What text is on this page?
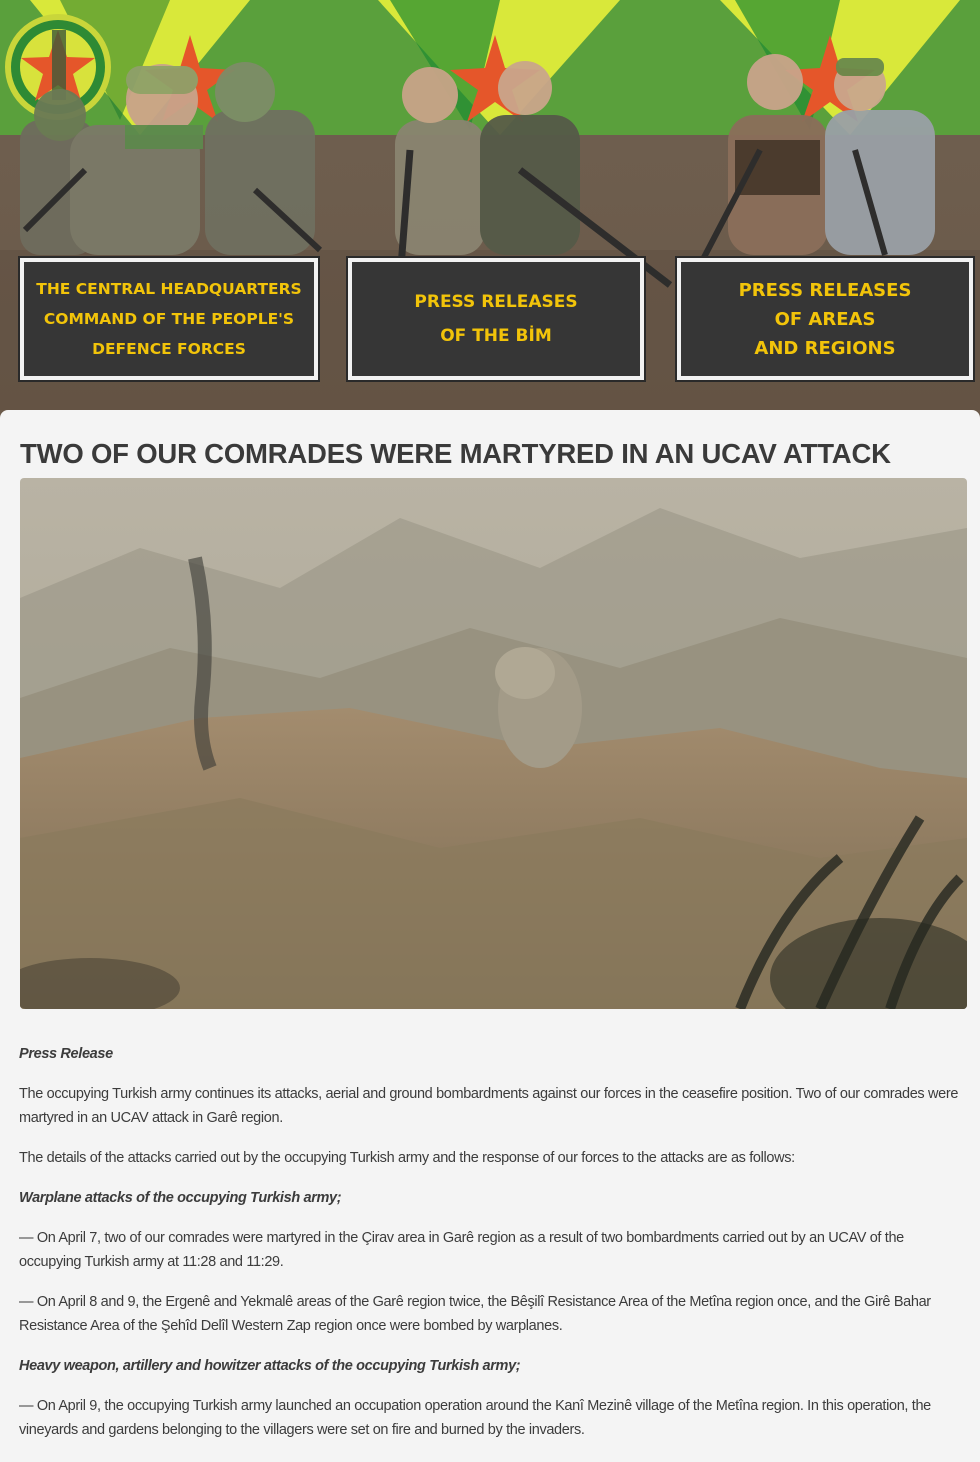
THE CENTRAL HEADQUARTERS
COMMAND OF THE PEOPLE'S
DEFENCE FORCES
PRESS RELEASES
OF THE BİM
PRESS RELEASES
OF AREAS
AND REGIONS
TWO OF OUR COMRADES WERE MARTYRED IN AN UCAV ATTACK

Press Release

The occupying Turkish army continues its attacks, aerial and ground bombardments against our forces in the ceasefire position. Two of our comrades were martyred in an UCAV attack in Garê region.

The details of the attacks carried out by the occupying Turkish army and the response of our forces to the attacks are as follows:

Warplane attacks of the occupying Turkish army;

— On April 7, two of our comrades were martyred in the Çirav area in Garê region as a result of two bombardments carried out by an UCAV of the occupying Turkish army at 11:28 and 11:29.

— On April 8 and 9, the Ergenê and Yekmalê areas of the Garê region twice, the Bêşilî Resistance Area of the Metîna region once, and the Girê Bahar Resistance Area of the Şehîd Delîl Western Zap region once were bombed by warplanes.

Heavy weapon, artillery and howitzer attacks of the occupying Turkish army;

— On April 9, the occupying Turkish army launched an occupation operation around the Kanî Mezinê village of the Metîna region. In this operation, the vineyards and gardens belonging to the villagers were set on fire and burned by the invaders.
